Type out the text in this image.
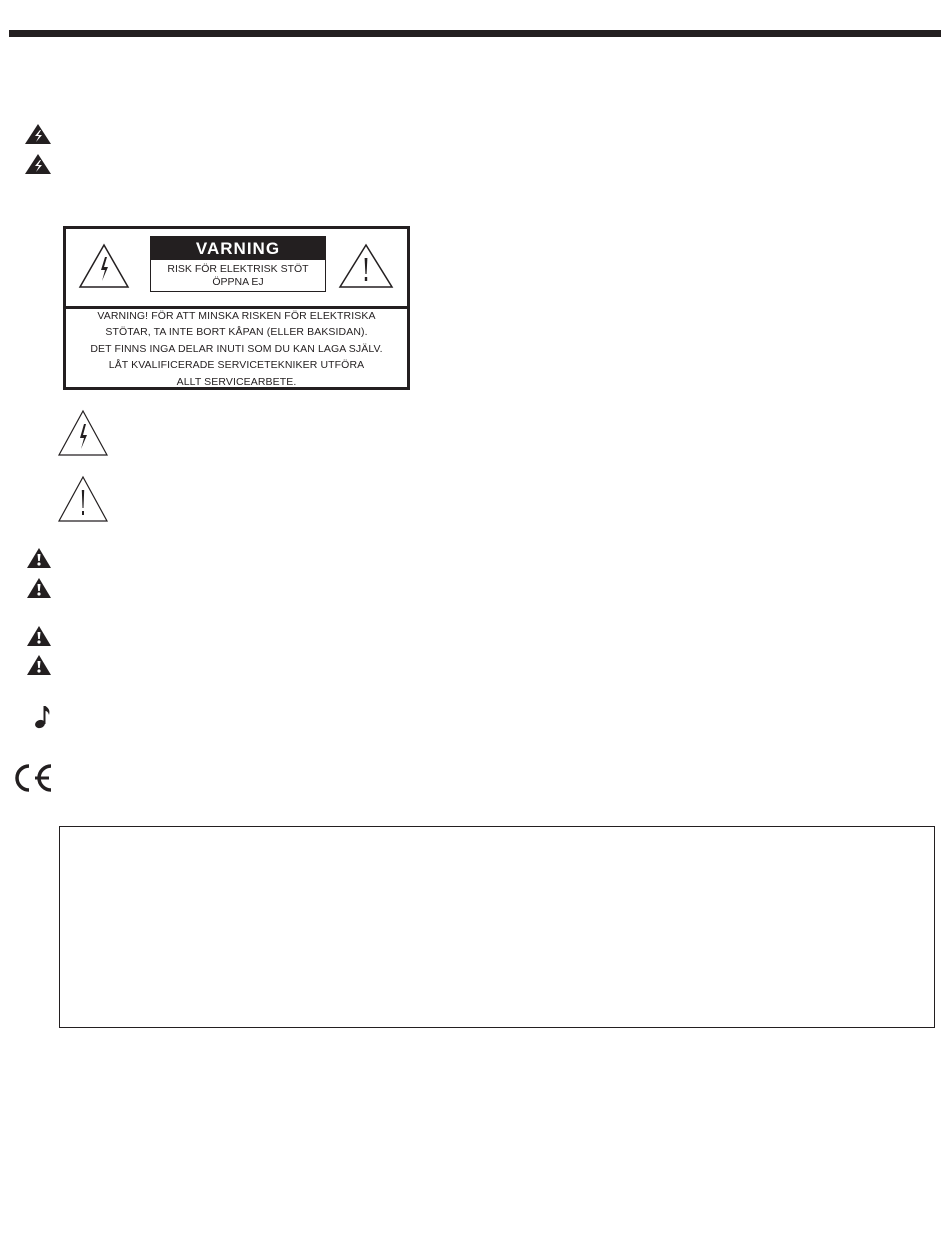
VARNING
RISK FÖR ELEKTRISK STÖT
ÖPPNA EJ
VARNING! FÖR ATT MINSKA RISKEN FÖR ELEKTRISKA
STÖTAR, TA INTE BORT KÅPAN (ELLER BAKSIDAN).
DET FINNS INGA DELAR INUTI SOM DU KAN LAGA SJÄLV.
LÅT KVALIFICERADE SERVICETEKNIKER UTFÖRA
ALLT SERVICEARBETE.
